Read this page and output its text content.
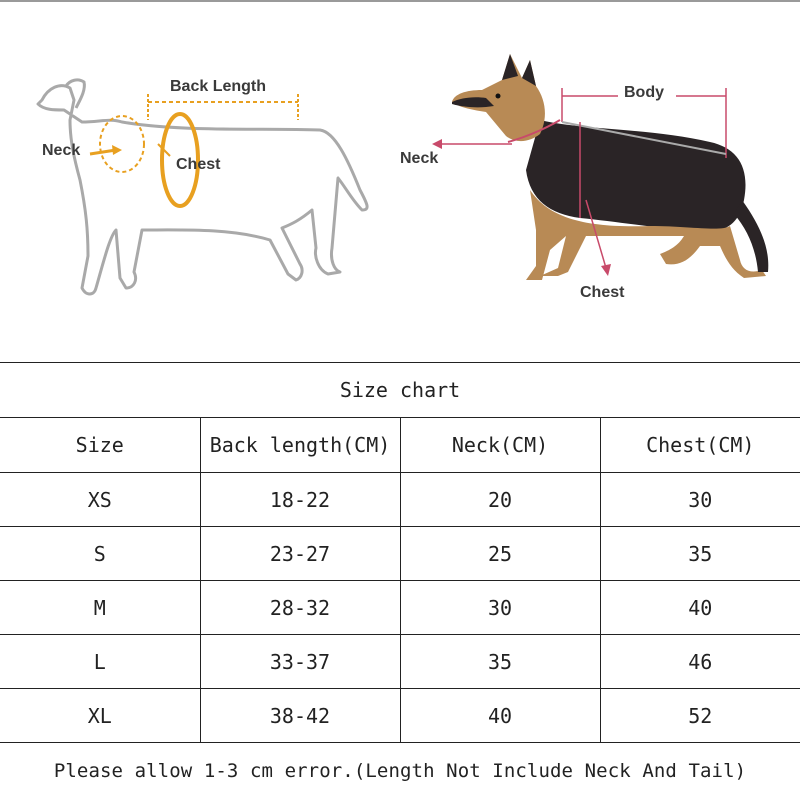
Back Length
Neck
Chest
Body
Neck
Chest
Size chart			
Size	Back length(CM)	Neck(CM)	Chest(CM)
XS	18-22	20	30
S	23-27	25	35
M	28-32	30	40
L	33-37	35	46
XL	38-42	40	52
Please allow 1-3 cm error.(Length Not Include Neck And Tail)
